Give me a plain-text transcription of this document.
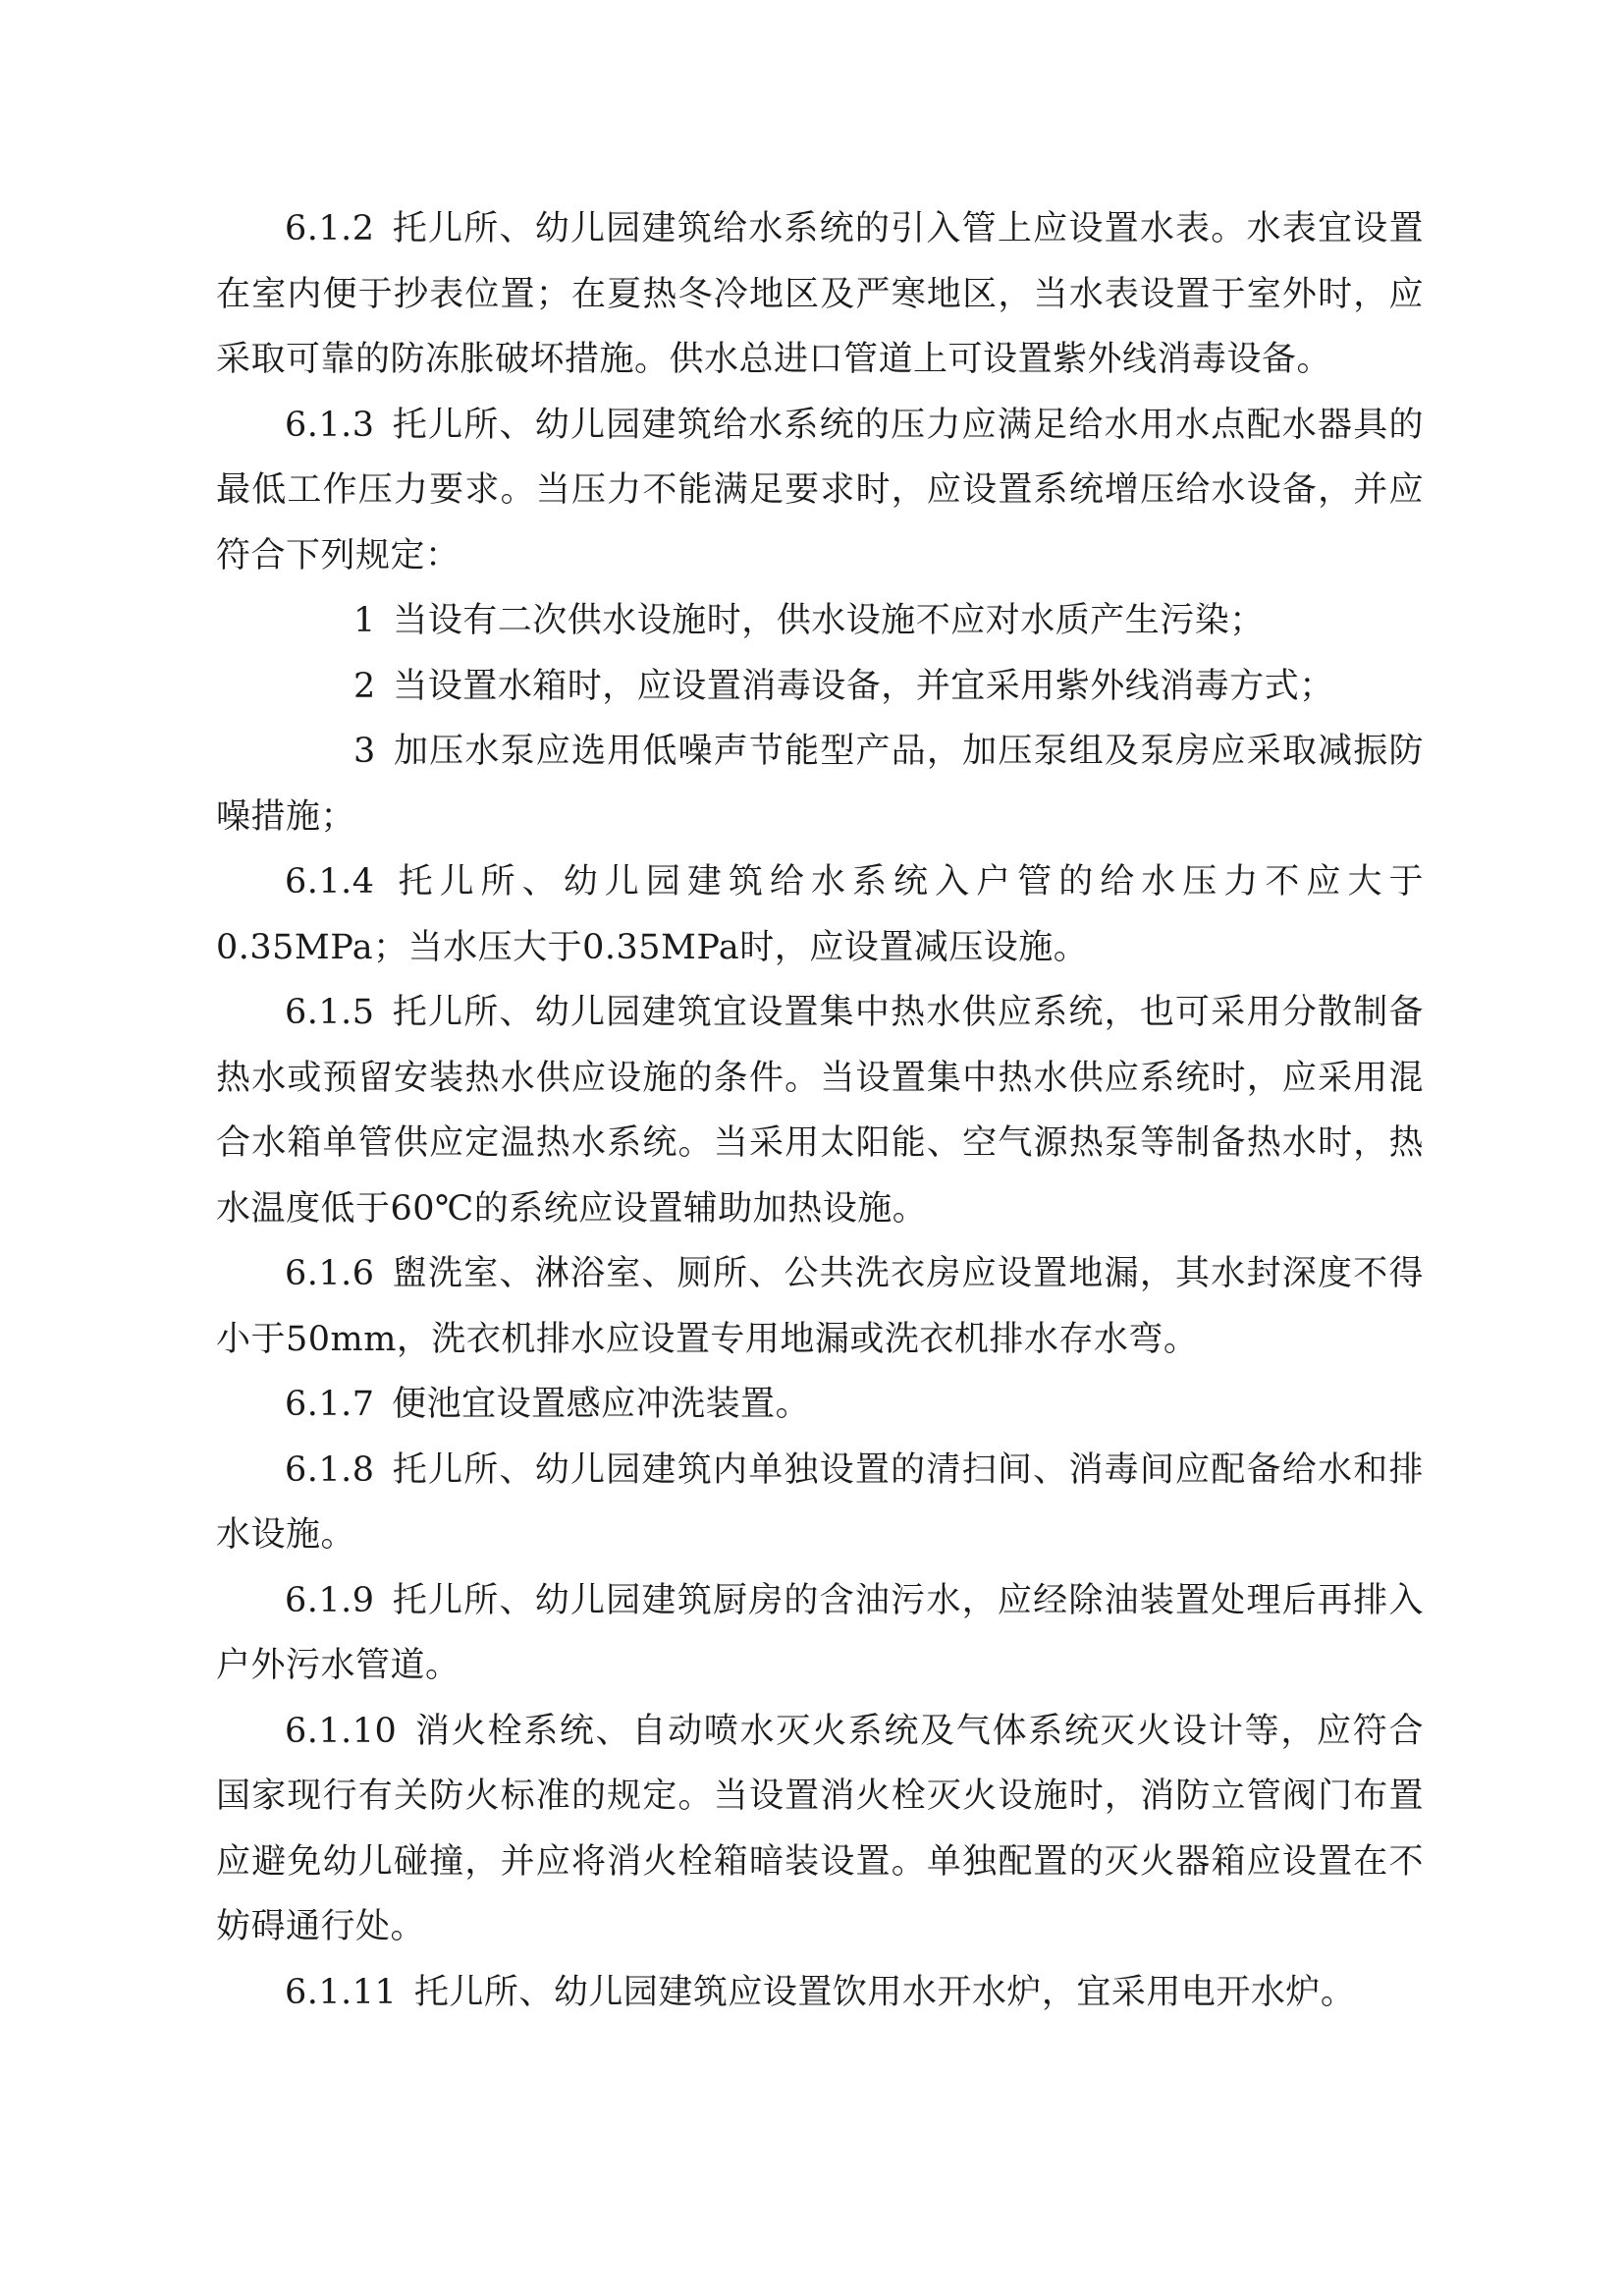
6.1.2 托儿所、幼儿园建筑给水系统的引入管上应设置水表。水表宜设置在室内便于抄表位置；在夏热冬冷地区及严寒地区，当水表设置于室外时，应采取可靠的防冻胀破坏措施。供水总进口管道上可设置紫外线消毒设备。

6.1.3 托儿所、幼儿园建筑给水系统的压力应满足给水用水点配水器具的最低工作压力要求。当压力不能满足要求时，应设置系统增压给水设备，并应符合下列规定：

1 当设有二次供水设施时，供水设施不应对水质产生污染；

2 当设置水箱时，应设置消毒设备，并宜采用紫外线消毒方式；

3 加压水泵应选用低噪声节能型产品，加压泵组及泵房应采取减振防噪措施；

6.1.4 托儿所、幼儿园建筑给水系统入户管的给水压力不应大于0.35MPa；当水压大于0.35MPa时，应设置减压设施。

6.1.5 托儿所、幼儿园建筑宜设置集中热水供应系统，也可采用分散制备热水或预留安装热水供应设施的条件。当设置集中热水供应系统时，应采用混合水箱单管供应定温热水系统。当采用太阳能、空气源热泵等制备热水时，热水温度低于60℃的系统应设置辅助加热设施。

6.1.6 盥洗室、淋浴室、厕所、公共洗衣房应设置地漏，其水封深度不得小于50mm，洗衣机排水应设置专用地漏或洗衣机排水存水弯。

6.1.7 便池宜设置感应冲洗装置。

6.1.8 托儿所、幼儿园建筑内单独设置的清扫间、消毒间应配备给水和排水设施。

6.1.9 托儿所、幼儿园建筑厨房的含油污水，应经除油装置处理后再排入户外污水管道。

6.1.10 消火栓系统、自动喷水灭火系统及气体系统灭火设计等，应符合国家现行有关防火标准的规定。当设置消火栓灭火设施时，消防立管阀门布置应避免幼儿碰撞，并应将消火栓箱暗装设置。单独配置的灭火器箱应设置在不妨碍通行处。

6.1.11 托儿所、幼儿园建筑应设置饮用水开水炉，宜采用电开水炉。
